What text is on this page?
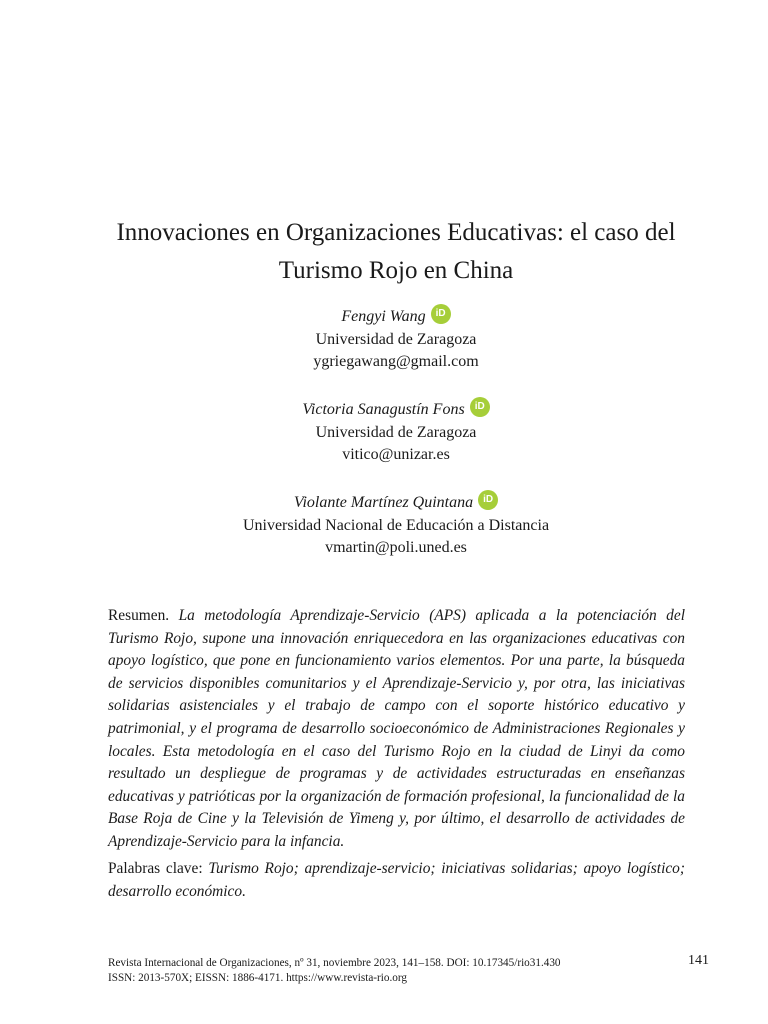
Innovaciones en Organizaciones Educativas: el caso del Turismo Rojo en China
Fengyi Wang iD
Universidad de Zaragoza
ygriegawang@gmail.com
Victoria Sanagustín Fons iD
Universidad de Zaragoza
vitico@unizar.es
Violante Martínez Quintana iD
Universidad Nacional de Educación a Distancia
vmartin@poli.uned.es
Resumen. La metodología Aprendizaje-Servicio (APS) aplicada a la potenciación del Turismo Rojo, supone una innovación enriquecedora en las organizaciones educativas con apoyo logístico, que pone en funcionamiento varios elementos. Por una parte, la búsqueda de servicios disponibles comunitarios y el Aprendizaje-Servicio y, por otra, las iniciativas solidarias asistenciales y el trabajo de campo con el soporte histórico educativo y patrimonial, y el programa de desarrollo socioeconómico de Administraciones Regionales y locales. Esta metodología en el caso del Turismo Rojo en la ciudad de Linyi da como resultado un despliegue de programas y de actividades estructuradas en enseñanzas educativas y patrióticas por la organización de formación profesional, la funcionalidad de la Base Roja de Cine y la Televisión de Yimeng y, por último, el desarrollo de actividades de Aprendizaje-Servicio para la infancia.
Palabras clave: Turismo Rojo; aprendizaje-servicio; iniciativas solidarias; apoyo logístico; desarrollo económico.
Revista Internacional de Organizaciones, nº 31, noviembre 2023, 141–158. DOI: 10.17345/rio31.430
ISSN: 2013-570X; EISSN: 1886-4171. https://www.revista-rio.org
141
